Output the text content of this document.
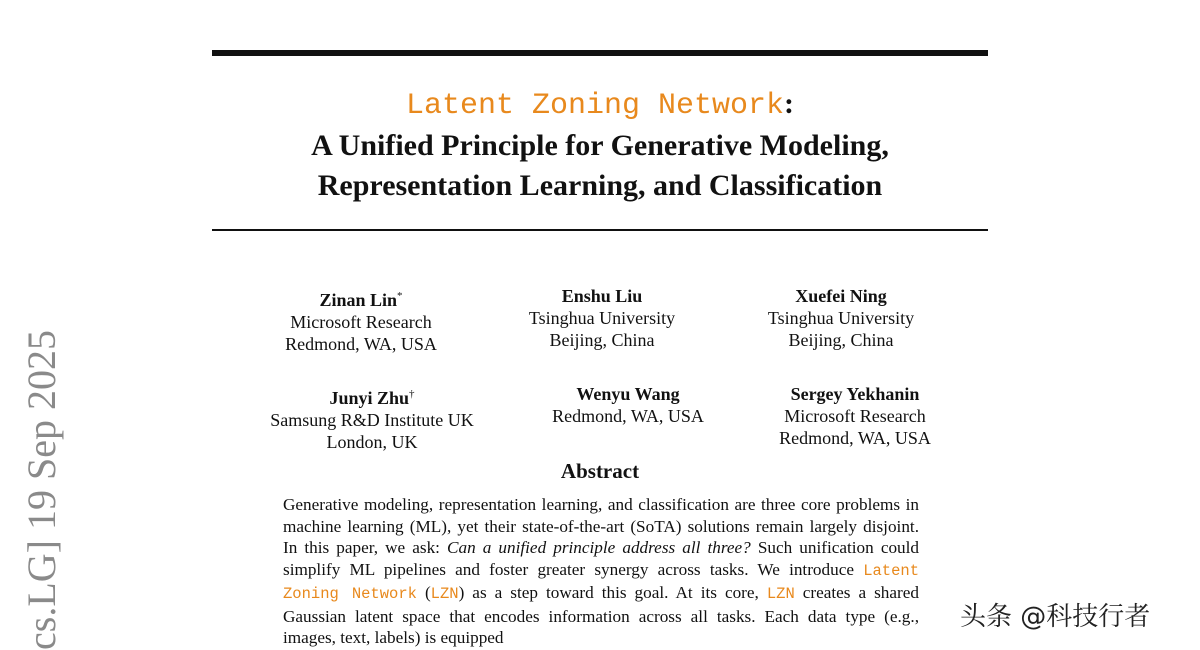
Latent Zoning Network:
A Unified Principle for Generative Modeling,
Representation Learning, and Classification
Zinan Lin*
Microsoft Research
Redmond, WA, USA
Enshu Liu
Tsinghua University
Beijing, China
Xuefei Ning
Tsinghua University
Beijing, China
Junyi Zhu†
Samsung R&D Institute UK
London, UK
Wenyu Wang
Redmond, WA, USA
Sergey Yekhanin
Microsoft Research
Redmond, WA, USA
Abstract
Generative modeling, representation learning, and classification are three core problems in machine learning (ML), yet their state-of-the-art (SoTA) solutions remain largely disjoint. In this paper, we ask: Can a unified principle address all three? Such unification could simplify ML pipelines and foster greater synergy across tasks. We introduce Latent Zoning Network (LZN) as a step toward this goal. At its core, LZN creates a shared Gaussian latent space that encodes information across all tasks. Each data type (e.g., images, text, labels) is equipped
cs.LG] 19 Sep 2025	头条 @科技行者
